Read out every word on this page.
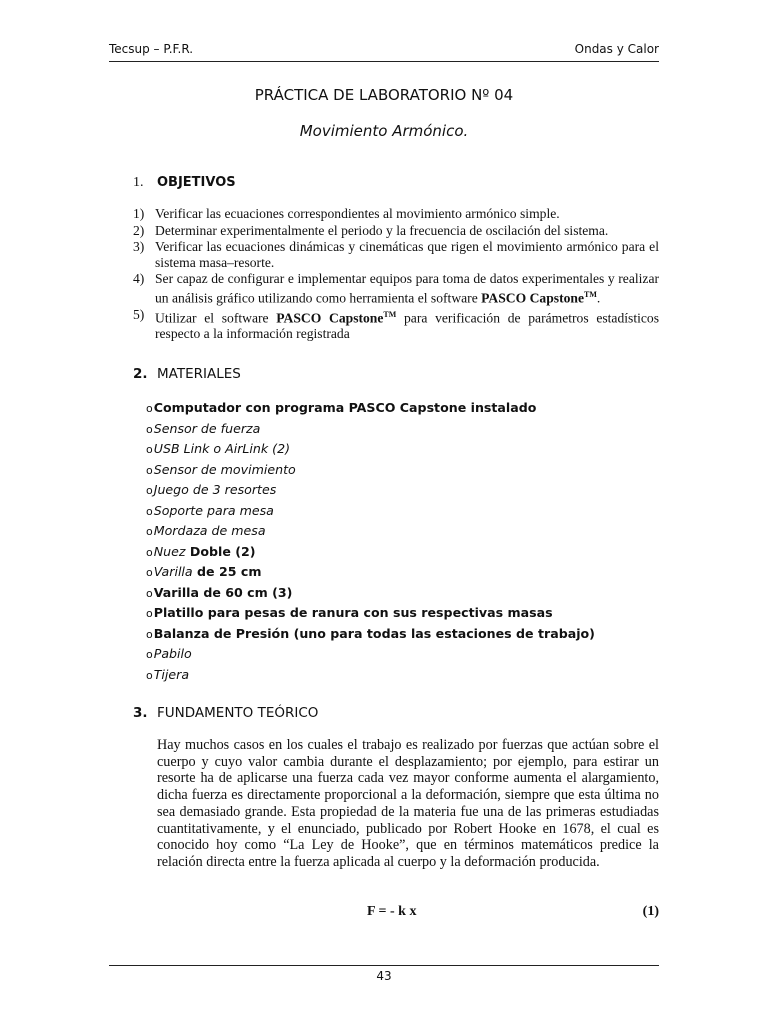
Tecsup – P.F.R.	Ondas y Calor
PRÁCTICA DE LABORATORIO Nº 04
Movimiento Armónico.
1. OBJETIVOS
1) Verificar las ecuaciones correspondientes al movimiento armónico simple.
2) Determinar experimentalmente el periodo y la frecuencia de oscilación del sistema.
3) Verificar las ecuaciones dinámicas y cinemáticas que rigen el movimiento armónico para el sistema masa–resorte.
4) Ser capaz de configurar e implementar equipos para toma de datos experimentales y realizar un análisis gráfico utilizando como herramienta el software PASCO Capstone™.
5) Utilizar el software PASCO Capstone™ para verificación de parámetros estadísticos respecto a la información registrada
2. MATERIALES
oComputador con programa PASCO Capstone instalado
oSensor de fuerza
oUSB Link o AirLink (2)
oSensor de movimiento
oJuego de 3 resortes
oSoporte para mesa
oMordaza de mesa
oNuez Doble (2)
oVarilla de 25 cm
oVarilla de 60 cm (3)
oPlatillo para pesas de ranura con sus respectivas masas
oBalanza de Presión (uno para todas las estaciones de trabajo)
oPabilo
oTijera
3. FUNDAMENTO TEÓRICO

Hay muchos casos en los cuales el trabajo es realizado por fuerzas que actúan sobre el cuerpo y cuyo valor cambia durante el desplazamiento; por ejemplo, para estirar un resorte ha de aplicarse una fuerza cada vez mayor conforme aumenta el alargamiento, dicha fuerza es directamente proporcional a la deformación, siempre que esta última no sea demasiado grande. Esta propiedad de la materia fue una de las primeras estudiadas cuantitativamente, y el enunciado, publicado por Robert Hooke en 1678, el cual es conocido hoy como “La Ley de Hooke”, que en términos matemáticos predice la relación directa entre la fuerza aplicada al cuerpo y la deformación producida.

F = - k x	(1)
43
